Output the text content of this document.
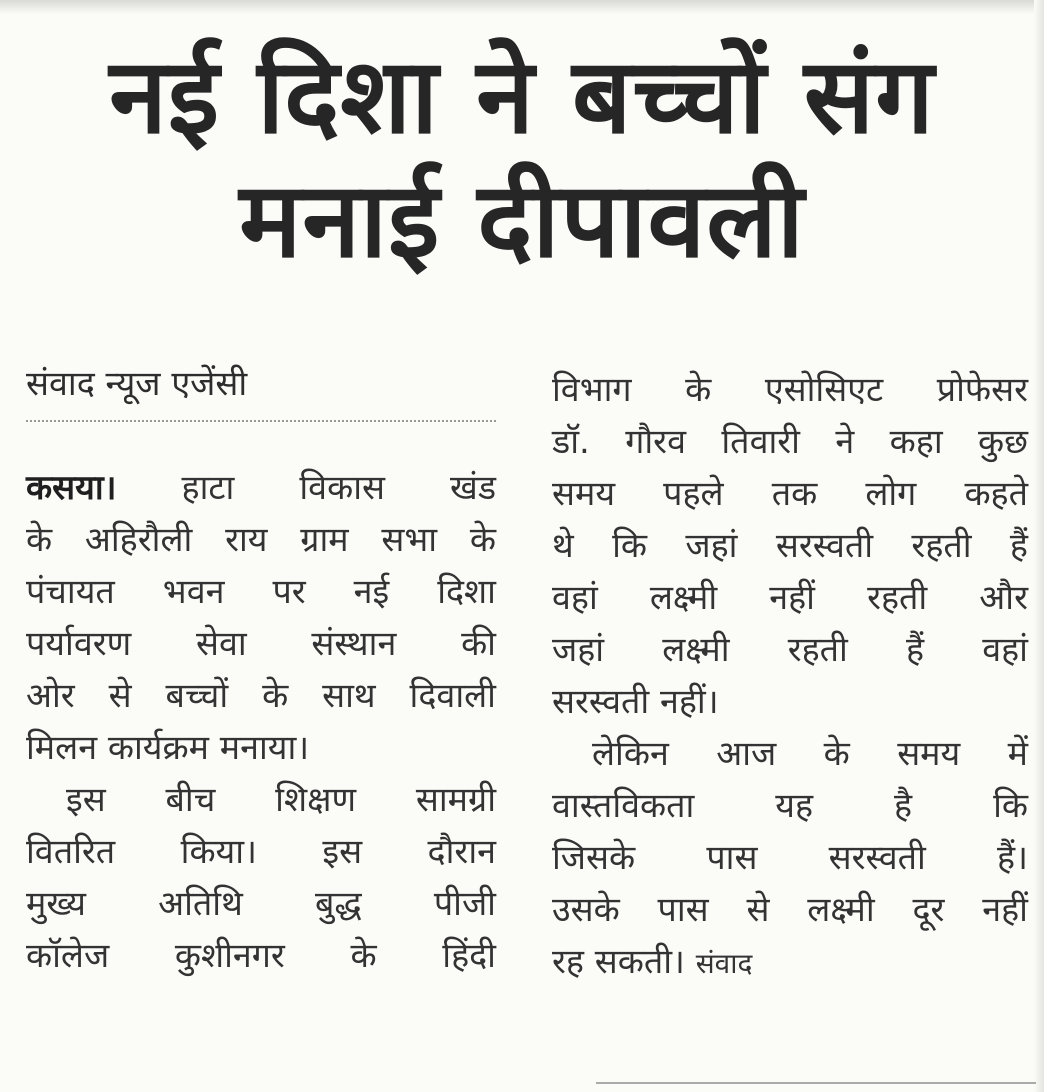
नई दिशा ने बच्चों संग
मनाई दीपावली
संवाद न्यूज एजेंसी
कसया। हाटा विकास खंड
के अहिरौली राय ग्राम सभा के
पंचायत भवन पर नई दिशा
पर्यावरण सेवा संस्थान की
ओर से बच्चों के साथ दिवाली
मिलन कार्यक्रम मनाया।
इस बीच शिक्षण सामग्री
वितरित किया। इस दौरान
मुख्य अतिथि बुद्ध पीजी
कॉलेज कुशीनगर के हिंदी
विभाग के एसोसिएट प्रोफेसर
डॉ. गौरव तिवारी ने कहा कुछ
समय पहले तक लोग कहते
थे कि जहां सरस्वती रहती हैं
वहां लक्ष्मी नहीं रहती और
जहां लक्ष्मी रहती हैं वहां
सरस्वती नहीं।
लेकिन आज के समय में
वास्तविकता यह है कि
जिसके पास सरस्वती हैं।
उसके पास से लक्ष्मी दूर नहीं
रह सकती। संवाद
